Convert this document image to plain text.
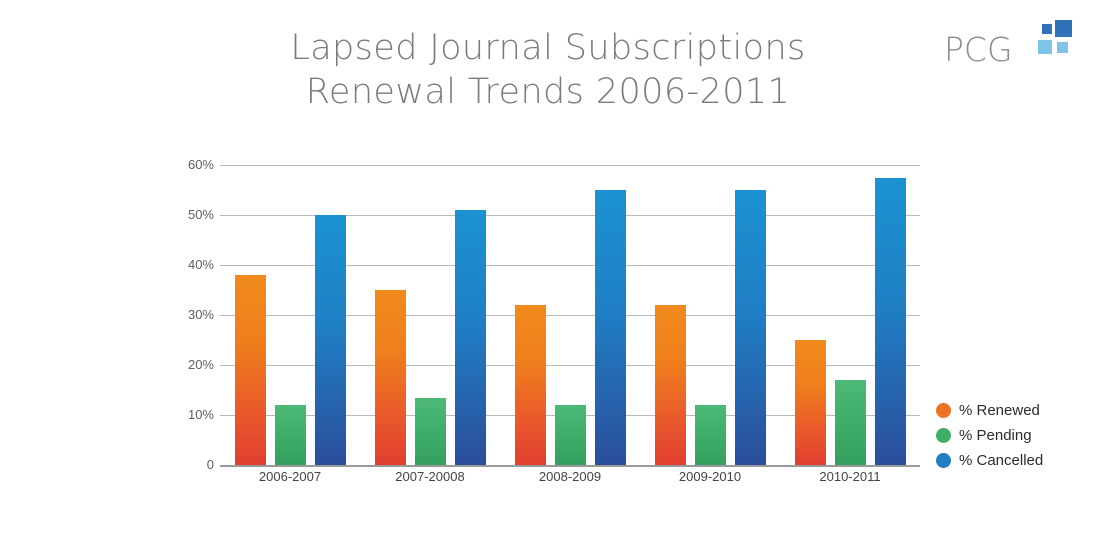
Lapsed Journal Subscriptions
Renewal Trends 2006-2011
PCG
60%
50%
40%
30%
20%
10%
0
2006-2007	2007-20008	2008-2009	2009-2010	2010-2011
% Renewed
% Pending
% Cancelled
